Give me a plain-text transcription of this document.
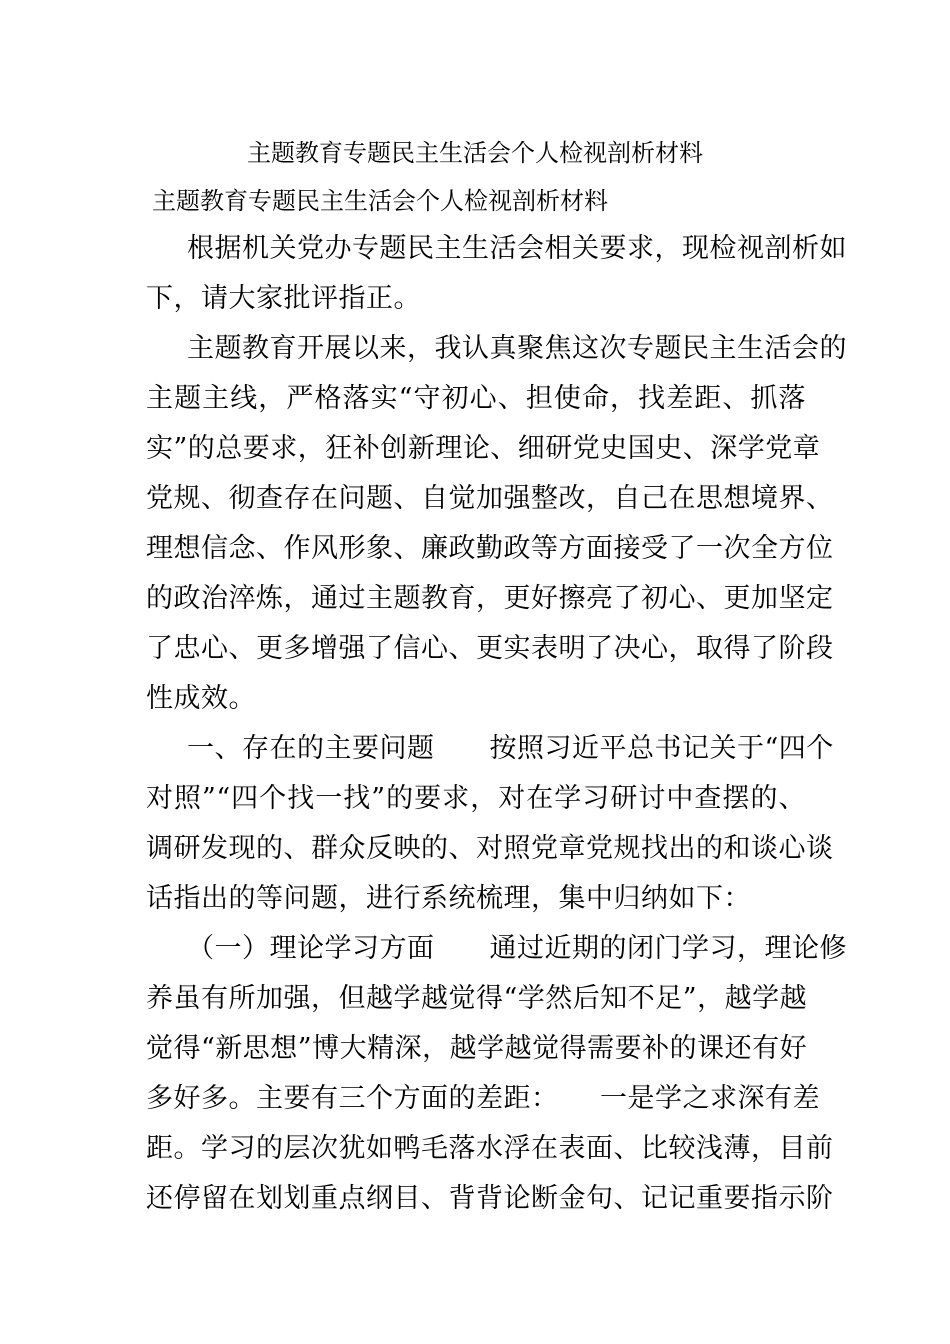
主题教育专题民主生活会个人检视剖析材料
主题教育专题民主生活会个人检视剖析材料
根据机关党办专题民主生活会相关要求，现检视剖析如
下，请大家批评指正。
主题教育开展以来，我认真聚焦这次专题民主生活会的
主题主线，严格落实“守初心、担使命，找差距、抓落
实”的总要求，狂补创新理论、细研党史国史、深学党章
党规、彻查存在问题、自觉加强整改，自己在思想境界、
理想信念、作风形象、廉政勤政等方面接受了一次全方位
的政治淬炼，通过主题教育，更好擦亮了初心、更加坚定
了忠心、更多增强了信心、更实表明了决心，取得了阶段
性成效。
一、存在的主要问题　　按照习近平总书记关于“四个
对照”“四个找一找”的要求，对在学习研讨中查摆的、
调研发现的、群众反映的、对照党章党规找出的和谈心谈
话指出的等问题，进行系统梳理，集中归纳如下：
（一）理论学习方面　　通过近期的闭门学习，理论修
养虽有所加强，但越学越觉得“学然后知不足”，越学越
觉得“新思想”博大精深，越学越觉得需要补的课还有好
多好多。主要有三个方面的差距：　　一是学之求深有差
距。学习的层次犹如鸭毛落水浮在表面、比较浅薄，目前
还停留在划划重点纲目、背背论断金句、记记重要指示阶
